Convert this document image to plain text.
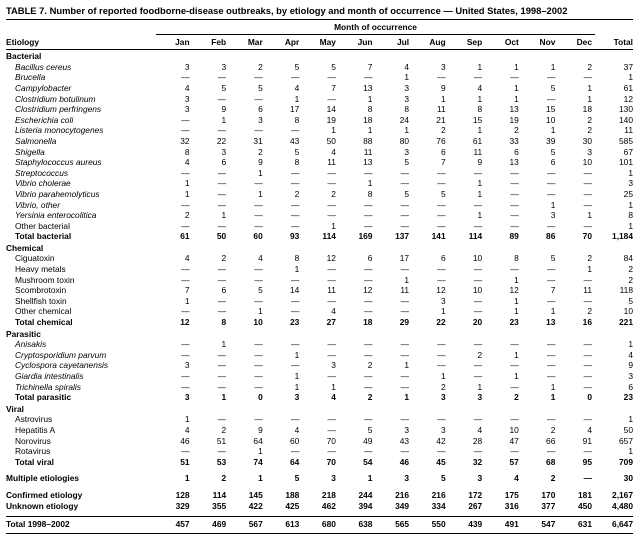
TABLE 7. Number of reported foodborne-disease outbreaks, by etiology and month of occurrence — United States, 1998–2002
	Month of occurrence												
Etiology	Jan	Feb	Mar	Apr	May	Jun	Jul	Aug	Sep	Oct	Nov	Dec	Total
Bacterial													
Bacillus cereus	3	3	2	5	5	7	4	3	1	1	1	2	37
Brucella	—	—	—	—	—	—	1	—	—	—	—	—	1
Campylobacter	4	5	5	4	7	13	3	9	4	1	5	1	61
Clostridium botulinum	3	—	—	1	—	1	3	1	1	1	—	1	12
Clostridium perfringens	3	9	6	17	14	8	8	11	8	13	15	18	130
Escherichia coli	—	1	3	8	19	18	24	21	15	19	10	2	140
Listeria monocytogenes	—	—	—	—	1	1	1	2	1	2	1	2	11
Salmonella	32	22	31	43	50	88	80	76	61	33	39	30	585
Shigella	8	3	2	5	4	11	3	6	11	6	5	3	67
Staphylococcus aureus	4	6	9	8	11	13	5	7	9	13	6	10	101
Streptococcus	—	—	1	—	—	—	—	—	—	—	—	—	1
Vibrio cholerae	1	—	—	—	—	1	—	—	1	—	—	—	3
Vibrio parahemolyticus	1	—	1	2	2	8	5	5	1	—	—	—	25
Vibrio, other	—	—	—	—	—	—	—	—	—	—	1	—	1
Yersinia enterocolitica	2	1	—	—	—	—	—	—	1	—	3	1	8
Other bacterial	—	—	—	—	1	—	—	—	—	—	—	—	1
Total bacterial	61	50	60	93	114	169	137	141	114	89	86	70	1,184
Chemical													
Ciguatoxin	4	2	4	8	12	6	17	6	10	8	5	2	84
Heavy metals	—	—	—	1	—	—	—	—	—	—	—	1	2
Mushroom toxin	—	—	—	—	—	—	1	—	—	1	—	—	2
Scombrotoxin	7	6	5	14	11	12	11	12	10	12	7	11	118
Shellfish toxin	1	—	—	—	—	—	—	3	—	1	—	—	5
Other chemical	—	—	1	—	4	—	—	1	—	1	1	2	10
Total chemical	12	8	10	23	27	18	29	22	20	23	13	16	221
Parasitic													
Anisakis	—	1	—	—	—	—	—	—	—	—	—	—	1
Cryptosporidium parvum	—	—	—	1	—	—	—	—	2	1	—	—	4
Cyclospora cayetanensis	3	—	—	—	3	2	1	—	—	—	—	—	9
Giardia intestinalis	—	—	—	1	—	—	—	1	—	1	—	—	3
Trichinella spiralis	—	—	—	1	1	—	—	2	1	—	1	—	6
Total parasitic	3	1	0	3	4	2	1	3	3	2	1	0	23
Viral													
Astrovirus	1	—	—	—	—	—	—	—	—	—	—	—	1
Hepatitis A	4	2	9	4	—	5	3	3	4	10	2	4	50
Norovirus	46	51	64	60	70	49	43	42	28	47	66	91	657
Rotavirus	—	—	1	—	—	—	—	—	—	—	—	—	1
Total viral	51	53	74	64	70	54	46	45	32	57	68	95	709
Multiple etiologies	1	2	1	5	3	1	3	5	3	4	2	—	30
Confirmed etiology	128	114	145	188	218	244	216	216	172	175	170	181	2,167
Unknown etiology	329	355	422	425	462	394	349	334	267	316	377	450	4,480
Total 1998–2002	457	469	567	613	680	638	565	550	439	491	547	631	6,647
